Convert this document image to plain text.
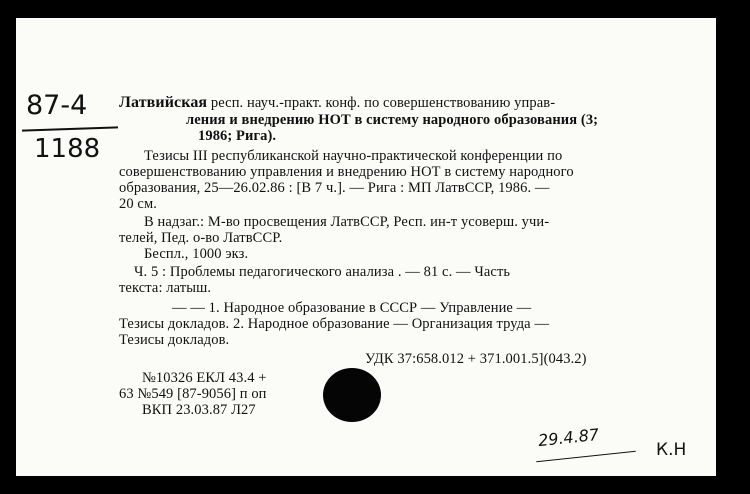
87-4
1188
Латвийская респ. науч.-практ. конф. по совершенствованию управ-
ления и внедрению НОТ в систему народного образования (3;
1986; Рига).
Тезисы III республиканской научно-практической конференции по
совершенствованию управления и внедрению НОТ в систему народного
образования, 25—26.02.86 : [В 7 ч.]. — Рига : МП ЛатвССР, 1986. —
20 см.
В надзаг.: М-во просвещения ЛатвССР, Респ. ин-т усоверш. учи-
телей, Пед. о-во ЛатвССР.
Беспл., 1000 экз.
Ч. 5 : Проблемы педагогического анализа . — 81 с. — Часть
текста: латыш.
— — 1. Народное образование в СССР — Управление —
Тезисы докладов. 2. Народное образование — Организация труда —
Тезисы докладов.
УДК 37:658.012 + 371.001.5](043.2)
№10326 ЕКЛ 43.4 +
63 №549 [87-9056] п оп
ВКП 23.03.87 Л27
29.4.87	К.Н
